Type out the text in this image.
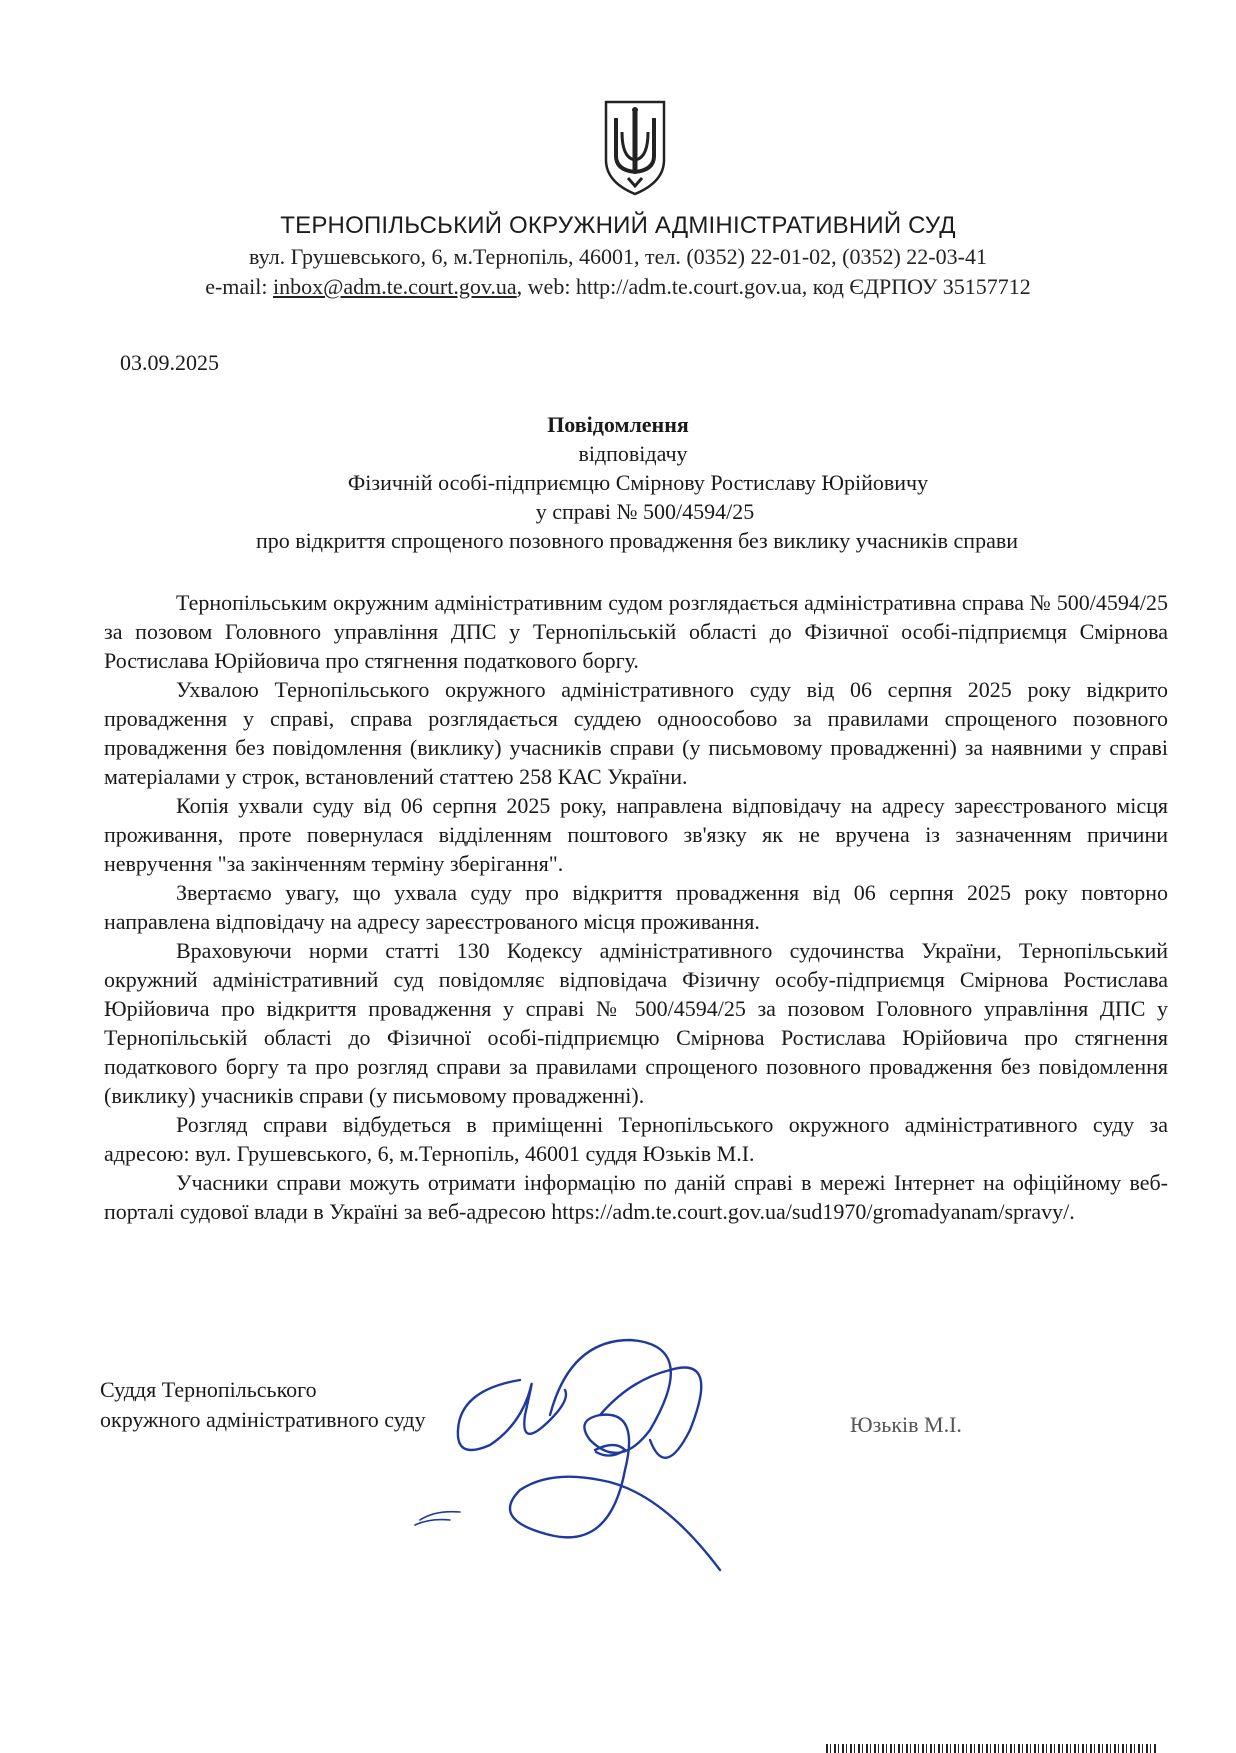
ТЕРНОПІЛЬСЬКИЙ ОКРУЖНИЙ АДМІНІСТРАТИВНИЙ СУД
вул. Грушевського, 6, м.Тернопіль, 46001, тел. (0352) 22-01-02, (0352) 22-03-41
e-mail: inbox@adm.te.court.gov.ua, web: http://adm.te.court.gov.ua, код ЄДРПОУ 35157712
03.09.2025
Повідомлення
відповідачу
Фізичній особі-підприємцю Смірнову Ростиславу Юрійовичу
у справі № 500/4594/25
про відкриття спрощеного позовного провадження без виклику учасників справи

Тернопільським окружним адміністративним судом розглядається адміністративна справа № 500/4594/25 за позовом Головного управління ДПС у Тернопільській області до Фізичної особі-підприємця Смірнова Ростислава Юрійовича про стягнення податкового боргу.

Ухвалою Тернопільського окружного адміністративного суду від 06 серпня 2025 року відкрито провадження у справі, справа розглядається суддею одноособово за правилами спрощеного позовного провадження без повідомлення (виклику) учасників справи (у письмовому провадженні) за наявними у справі матеріалами у строк, встановлений статтею 258 КАС України.

Копія ухвали суду від 06 серпня 2025 року, направлена відповідачу на адресу зареєстрованого місця проживання, проте повернулася відділенням поштового зв'язку як не вручена із зазначенням причини невручення "за закінченням терміну зберігання".

Звертаємо увагу, що ухвала суду про відкриття провадження від 06 серпня 2025 року повторно направлена відповідачу на адресу зареєстрованого місця проживання.

Враховуючи норми статті 130 Кодексу адміністративного судочинства України, Тернопільський окружний адміністративний суд повідомляє відповідача Фізичну особу-підприємця Смірнова Ростислава Юрійовича про відкриття провадження у справі № 500/4594/25 за позовом Головного управління ДПС у Тернопільській області до Фізичної особі-підприємцю Смірнова Ростислава Юрійовича про стягнення податкового боргу та про розгляд справи за правилами спрощеного позовного провадження без повідомлення (виклику) учасників справи (у письмовому провадженні).

Розгляд справи відбудеться в приміщенні Тернопільського окружного адміністративного суду за адресою: вул. Грушевського, 6, м.Тернопіль, 46001 суддя Юзьків М.І.

Учасники справи можуть отримати інформацію по даній справі в мережі Інтернет на офіційному веб-порталі судової влади в Україні за веб-адресою https://adm.te.court.gov.ua/sud1970/gromadyanam/spravy/.

Суддя Тернопільського
окружного адміністративного суду	Юзьків М.І.
